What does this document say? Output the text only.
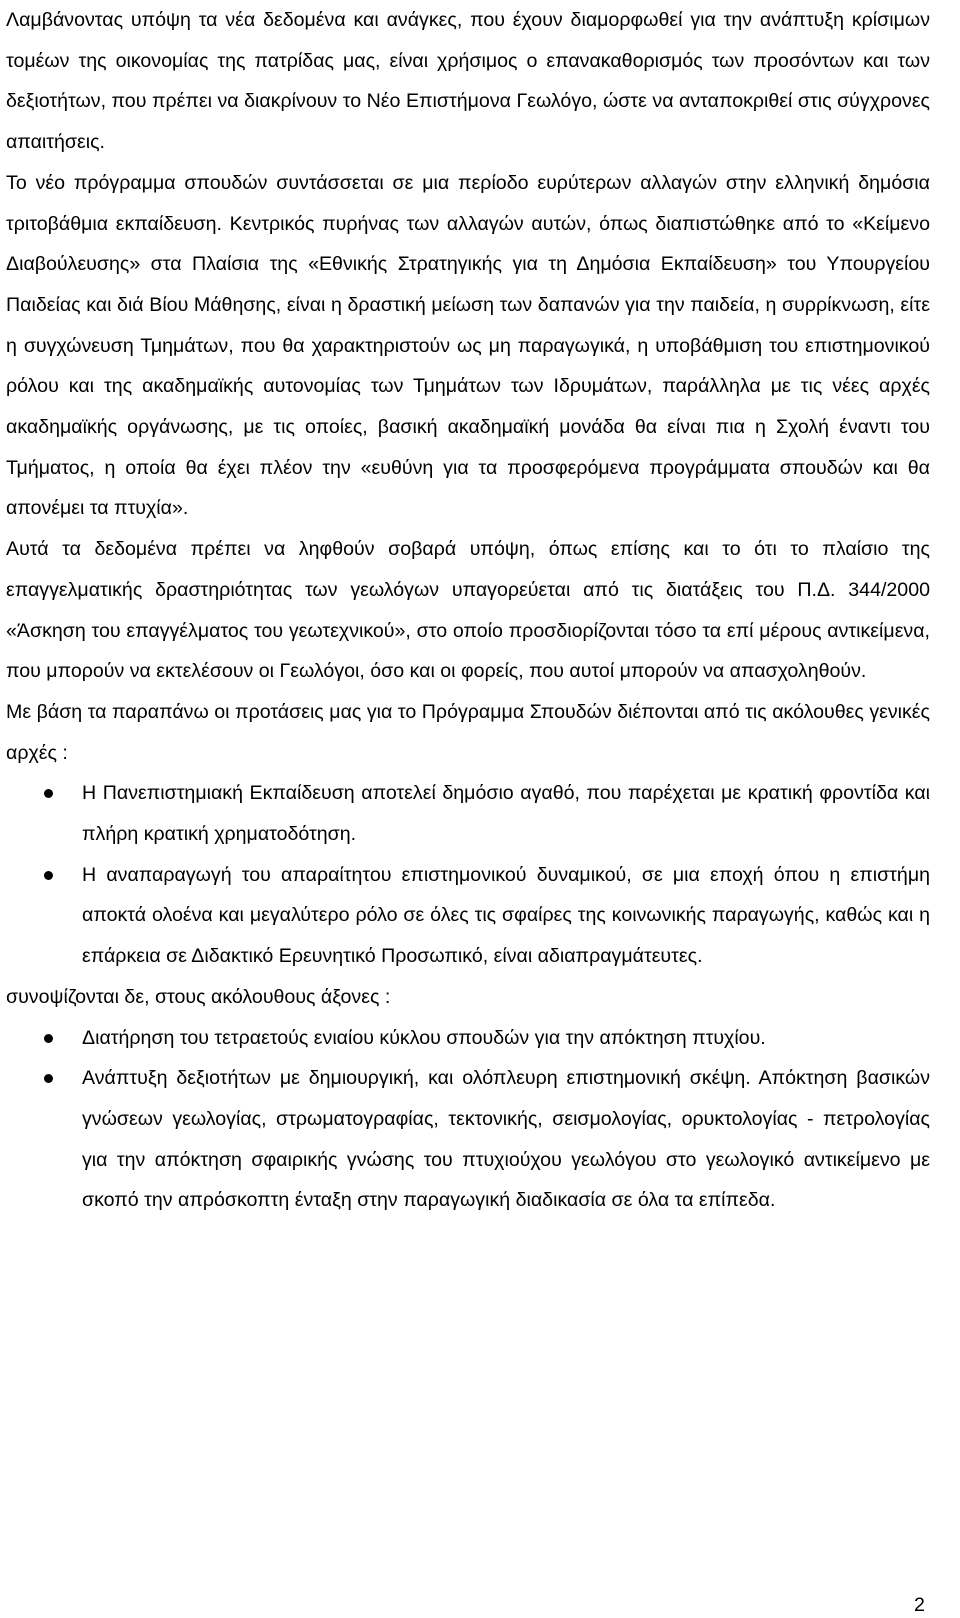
Λαμβάνοντας υπόψη τα νέα δεδομένα και ανάγκες, που έχουν διαμορφωθεί για την ανάπτυξη κρίσιμων τομέων της οικονομίας της πατρίδας μας, είναι χρήσιμος ο επανακαθορισμός των προσόντων και των δεξιοτήτων, που πρέπει να διακρίνουν το Νέο Επιστήμονα Γεωλόγο, ώστε να ανταποκριθεί στις σύγχρονες απαιτήσεις.

Το νέο πρόγραμμα σπουδών συντάσσεται σε μια περίοδο ευρύτερων αλλαγών στην ελληνική δημόσια τριτοβάθμια εκπαίδευση. Κεντρικός πυρήνας των αλλαγών αυτών, όπως διαπιστώθηκε από το «Κείμενο Διαβούλευσης» στα Πλαίσια της «Εθνικής Στρατηγικής για τη Δημόσια Εκπαίδευση» του Υπουργείου Παιδείας και διά Βίου Μάθησης, είναι η δραστική μείωση των δαπανών για την παιδεία, η συρρίκνωση, είτε η συγχώνευση Τμημάτων, που θα χαρακτηριστούν ως μη παραγωγικά, η υποβάθμιση του επιστημονικού ρόλου και της ακαδημαϊκής αυτονομίας των Τμημάτων των Ιδρυμάτων, παράλληλα με τις νέες αρχές ακαδημαϊκής οργάνωσης, με τις οποίες, βασική ακαδημαϊκή μονάδα θα είναι πια η Σχολή έναντι του Τμήματος, η οποία θα έχει πλέον την «ευθύνη για τα προσφερόμενα προγράμματα σπουδών και θα απονέμει τα πτυχία».

Αυτά τα δεδομένα πρέπει να ληφθούν σοβαρά υπόψη, όπως επίσης και το ότι το πλαίσιο της επαγγελματικής δραστηριότητας των γεωλόγων υπαγορεύεται από τις διατάξεις του Π.Δ. 344/2000 «Άσκηση του επαγγέλματος του γεωτεχνικού», στο οποίο προσδιορίζονται τόσο τα επί μέρους αντικείμενα, που μπορούν να εκτελέσουν οι Γεωλόγοι, όσο και οι φορείς, που αυτοί μπορούν να απασχοληθούν.

Με βάση τα παραπάνω οι προτάσεις μας για το Πρόγραμμα Σπουδών διέπονται από τις ακόλουθες γενικές αρχές :

Η Πανεπιστημιακή Εκπαίδευση αποτελεί δημόσιο αγαθό, που παρέχεται με κρατική φροντίδα και πλήρη κρατική χρηματοδότηση.
Η αναπαραγωγή του απαραίτητου επιστημονικού δυναμικού, σε μια εποχή όπου η επιστήμη αποκτά ολοένα και μεγαλύτερο ρόλο σε όλες τις σφαίρες της κοινωνικής παραγωγής, καθώς και η επάρκεια σε Διδακτικό Ερευνητικό Προσωπικό, είναι αδιαπραγμάτευτες.

συνοψίζονται δε, στους ακόλουθους άξονες :

Διατήρηση του τετραετούς ενιαίου κύκλου σπουδών για την απόκτηση πτυχίου.
Ανάπτυξη δεξιοτήτων με δημιουργική, και ολόπλευρη επιστημονική σκέψη. Απόκτηση βασικών γνώσεων γεωλογίας, στρωματογραφίας, τεκτονικής, σεισμολογίας, ορυκτολογίας - πετρολογίας για την απόκτηση σφαιρικής γνώσης του πτυχιούχου γεωλόγου στο γεωλογικό αντικείμενο με σκοπό την απρόσκοπτη ένταξη στην παραγωγική διαδικασία σε όλα τα επίπεδα.
2
